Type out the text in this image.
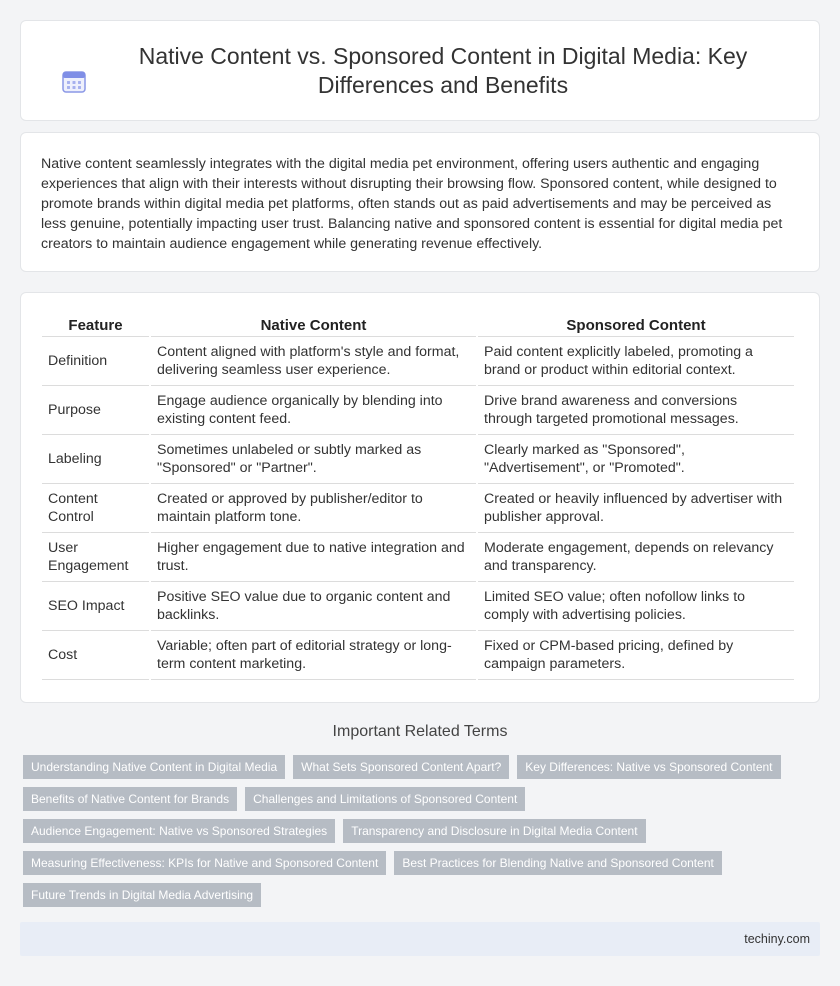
Native Content vs. Sponsored Content in Digital Media: Key Differences and Benefits

Native content seamlessly integrates with the digital media pet environment, offering users authentic and engaging experiences that align with their interests without disrupting their browsing flow. Sponsored content, while designed to promote brands within digital media pet platforms, often stands out as paid advertisements and may be perceived as less genuine, potentially impacting user trust. Balancing native and sponsored content is essential for digital media pet creators to maintain audience engagement while generating revenue effectively.

Feature	Native Content	Sponsored Content
Definition	Content aligned with platform's style and format, delivering seamless user experience.	Paid content explicitly labeled, promoting a brand or product within editorial context.
Purpose	Engage audience organically by blending into existing content feed.	Drive brand awareness and conversions through targeted promotional messages.
Labeling	Sometimes unlabeled or subtly marked as "Sponsored" or "Partner".	Clearly marked as "Sponsored", "Advertisement", or "Promoted".
Content Control	Created or approved by publisher/editor to maintain platform tone.	Created or heavily influenced by advertiser with publisher approval.
User Engagement	Higher engagement due to native integration and trust.	Moderate engagement, depends on relevancy and transparency.
SEO Impact	Positive SEO value due to organic content and backlinks.	Limited SEO value; often nofollow links to comply with advertising policies.
Cost	Variable; often part of editorial strategy or long-term content marketing.	Fixed or CPM-based pricing, defined by campaign parameters.
Important Related Terms
Understanding Native Content in Digital Media	What Sets Sponsored Content Apart?	Key Differences: Native vs Sponsored Content
Benefits of Native Content for Brands	Challenges and Limitations of Sponsored Content
Audience Engagement: Native vs Sponsored Strategies	Transparency and Disclosure in Digital Media Content
Measuring Effectiveness: KPIs for Native and Sponsored Content	Best Practices for Blending Native and Sponsored Content
Future Trends in Digital Media Advertising
techiny.com
